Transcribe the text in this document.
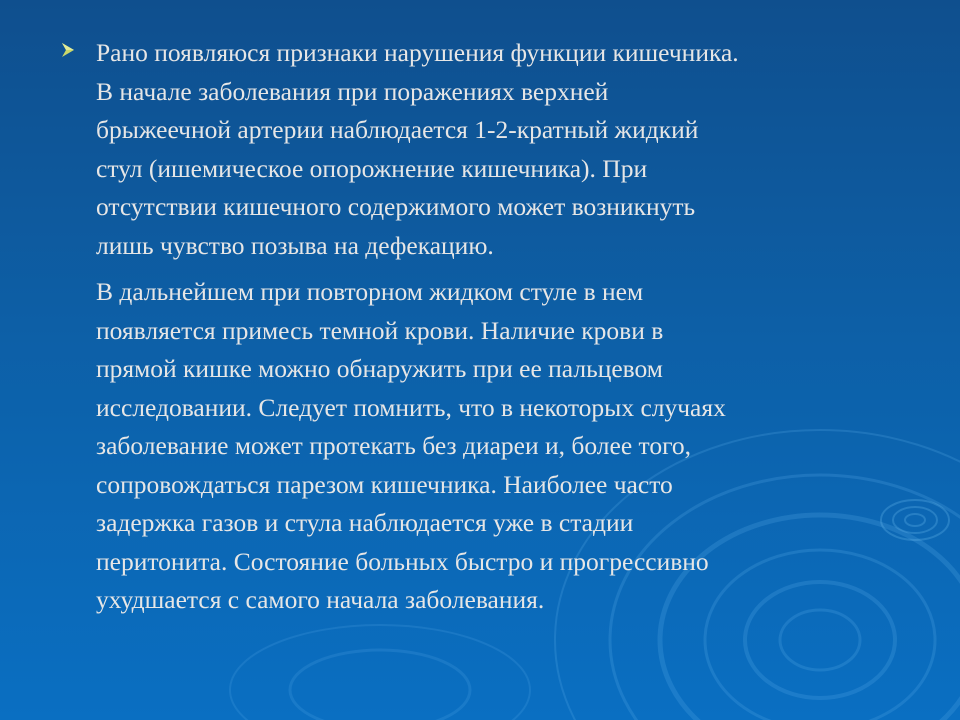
Рано появляюся признаки нарушения функции кишечника.
В начале заболевания при поражениях верхней
брыжеечной артерии наблюдается 1-2-кратный жидкий
стул (ишемическое опорожнение кишечника). При
отсутствии кишечного содержимого может возникнуть
лишь чувство позыва на дефекацию.
В дальнейшем при повторном жидком стуле в нем
появляется примесь темной крови. Наличие крови в
прямой кишке можно обнаружить при ее пальцевом
исследовании. Следует помнить, что в некоторых случаях
заболевание может протекать без диареи и, более того,
сопровождаться парезом кишечника. Наиболее часто
задержка газов и стула наблюдается уже в стадии
перитонита. Состояние больных быстро и прогрессивно
ухудшается с самого начала заболевания.
